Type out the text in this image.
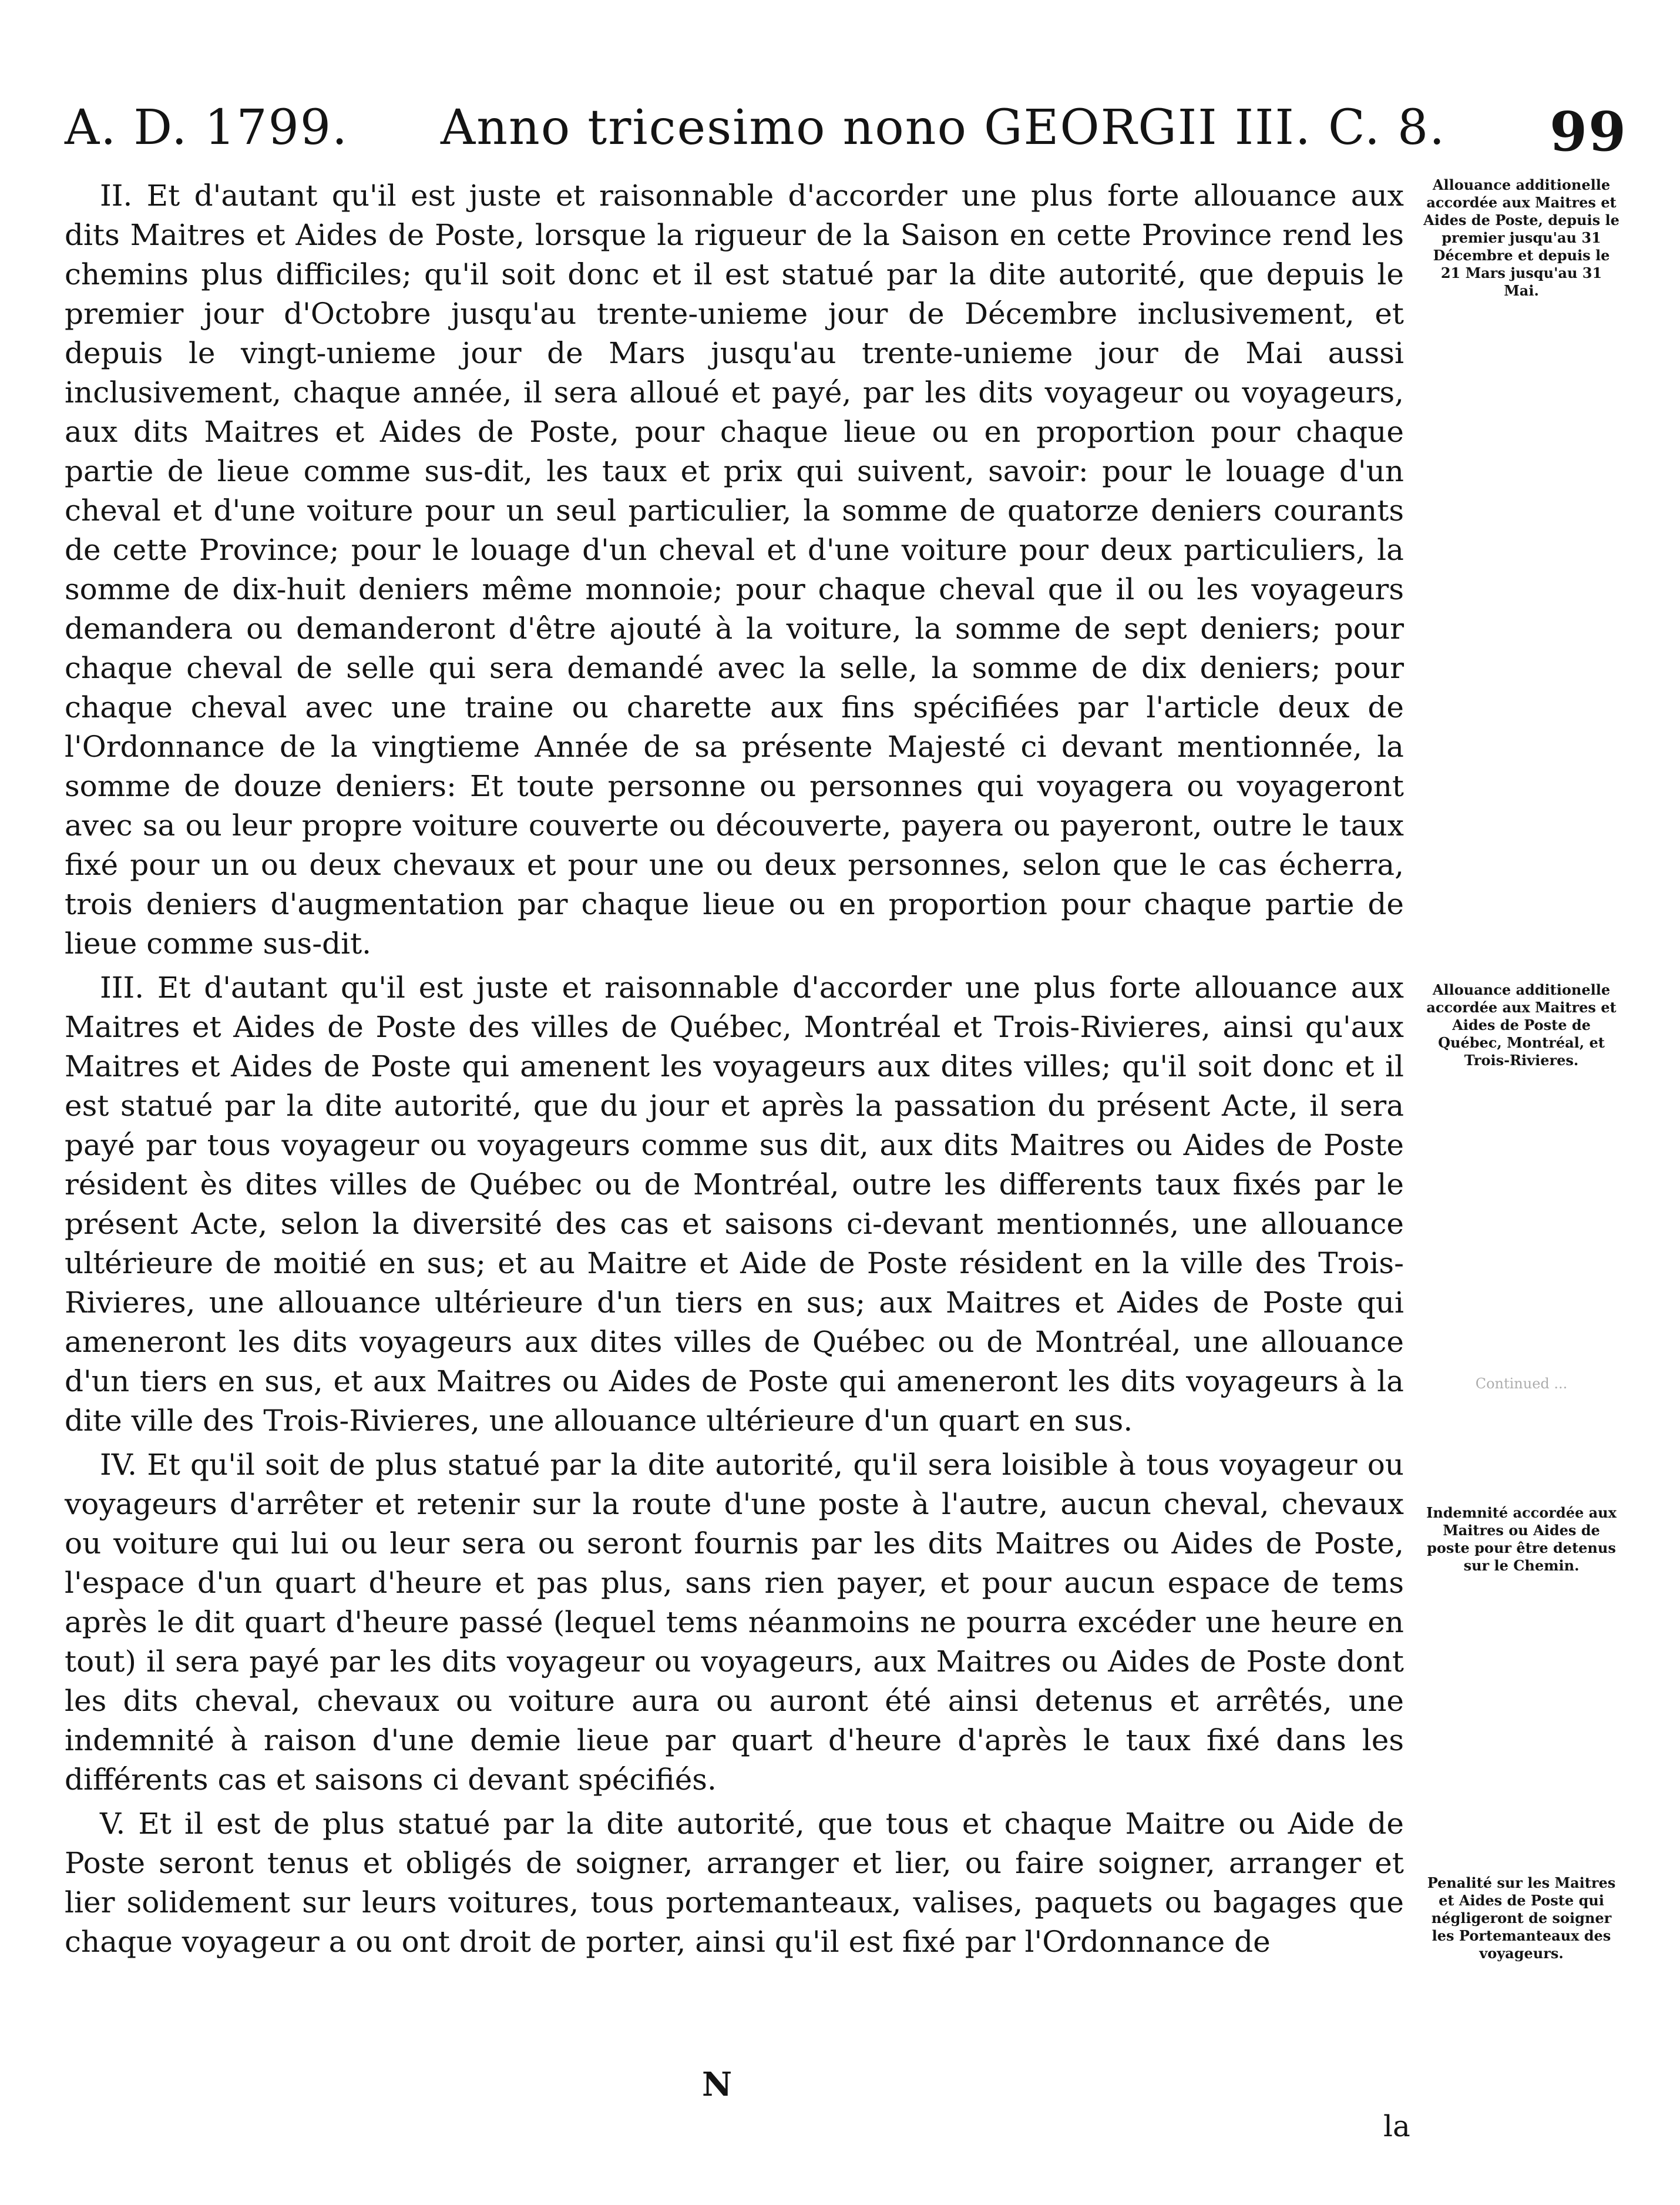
A. D. 1799. Anno tricesimo nono GEORGII III. C. 8. 99

II. Et d'autant qu'il est juste et raisonnable d'accorder une plus forte allouance aux dits Maitres et Aides de Poste, lorsque la rigueur de la Saison en cette Province rend les chemins plus difficiles; qu'il soit donc et il est statué par la dite autorité, que depuis le premier jour d'Octobre jusqu'au trente-unieme jour de Décembre inclusivement, et depuis le vingt-unieme jour de Mars jusqu'au trente-unieme jour de Mai aussi inclusivement, chaque année, il sera alloué et payé, par les dits voyageur ou voyageurs, aux dits Maitres et Aides de Poste, pour chaque lieue ou en proportion pour chaque partie de lieue comme sus-dit, les taux et prix qui suivent, savoir: pour le louage d'un cheval et d'une voiture pour un seul particulier, la somme de quatorze deniers courants de cette Province; pour le louage d'un cheval et d'une voiture pour deux particuliers, la somme de dix-huit deniers même monnoie; pour chaque cheval que il ou les voyageurs demandera ou demanderont d'être ajouté à la voiture, la somme de sept deniers; pour chaque cheval de selle qui sera demandé avec la selle, la somme de dix deniers; pour chaque cheval avec une traine ou charette aux fins spécifiées par l'article deux de l'Ordonnance de la vingtieme Année de sa présente Majesté ci devant mentionnée, la somme de douze deniers: Et toute personne ou personnes qui voyagera ou voyageront avec sa ou leur propre voiture couverte ou découverte, payera ou payeront, outre le taux fixé pour un ou deux chevaux et pour une ou deux personnes, selon que le cas écherra, trois deniers d'augmentation par chaque lieue ou en proportion pour chaque partie de lieue comme sus-dit.

III. Et d'autant qu'il est juste et raisonnable d'accorder une plus forte allouance aux Maitres et Aides de Poste des villes de Québec, Montréal et Trois-Rivieres, ainsi qu'aux Maitres et Aides de Poste qui amenent les voyageurs aux dites villes; qu'il soit donc et il est statué par la dite autorité, que du jour et après la passation du présent Acte, il sera payé par tous voyageur ou voyageurs comme sus dit, aux dits Maitres ou Aides de Poste résident ès dites villes de Québec ou de Montréal, outre les differents taux fixés par le présent Acte, selon la diversité des cas et saisons ci-devant mentionnés, une allouance ultérieure de moitié en sus; et au Maitre et Aide de Poste résident en la ville des Trois-Rivieres, une allouance ultérieure d'un tiers en sus; aux Maitres et Aides de Poste qui ameneront les dits voyageurs aux dites villes de Québec ou de Montréal, une allouance d'un tiers en sus, et aux Maitres ou Aides de Poste qui ameneront les dits voyageurs à la dite ville des Trois-Rivieres, une allouance ultérieure d'un quart en sus.

IV. Et qu'il soit de plus statué par la dite autorité, qu'il sera loisible à tous voyageur ou voyageurs d'arrêter et retenir sur la route d'une poste à l'autre, aucun cheval, chevaux ou voiture qui lui ou leur sera ou seront fournis par les dits Maitres ou Aides de Poste, l'espace d'un quart d'heure et pas plus, sans rien payer, et pour aucun espace de tems après le dit quart d'heure passé (lequel tems néanmoins ne pourra excéder une heure en tout) il sera payé par les dits voyageur ou voyageurs, aux Maitres ou Aides de Poste dont les dits cheval, chevaux ou voiture aura ou auront été ainsi detenus et arrêtés, une indemnité à raison d'une demie lieue par quart d'heure d'après le taux fixé dans les différents cas et saisons ci devant spécifiés.

V. Et il est de plus statué par la dite autorité, que tous et chaque Maitre ou Aide de Poste seront tenus et obligés de soigner, arranger et lier, ou faire soigner, arranger et lier solidement sur leurs voitures, tous portemanteaux, valises, paquets ou bagages que chaque voyageur a ou ont droit de porter, ainsi qu'il est fixé par l'Ordonnance de

Allouance additionelle accordée aux Maitres et Aides de Poste, depuis le premier jusqu'au 31 Décembre et depuis le 21 Mars jusqu'au 31 Mai.
Allouance additionelle accordée aux Maitres et Aides de Poste de Québec, Montréal, et Trois-Rivieres.
Continued ...
Indemnité accordée aux Maitres ou Aides de poste pour être detenus sur le Chemin.
Penalité sur les Maitres et Aides de Poste qui négligeront de soigner les Portemanteaux des voyageurs.
N
la
